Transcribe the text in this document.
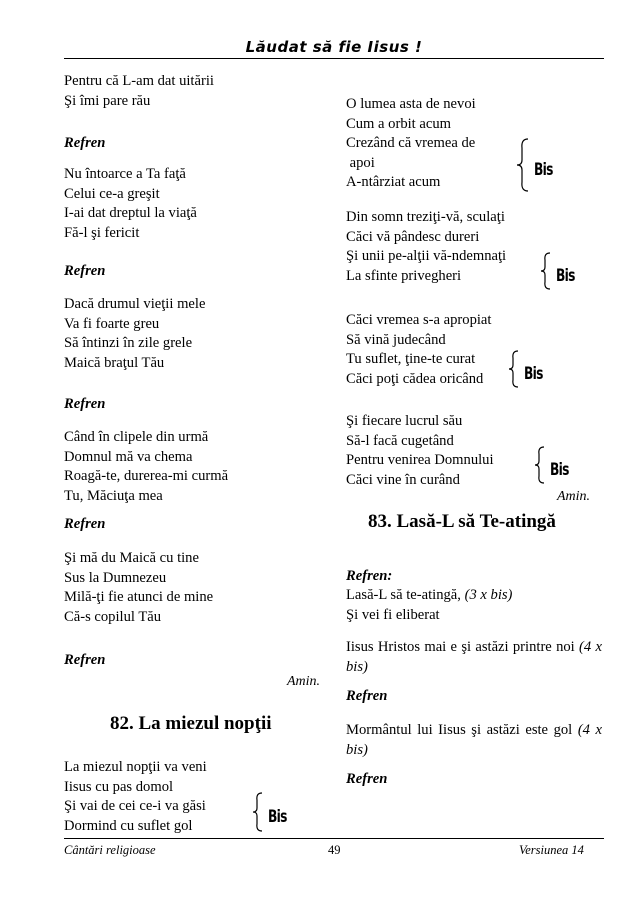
Lăudat să fie Iisus !
Pentru că L-am dat uitării
Şi îmi pare rău
Refren
Nu întoarce a Ta faţă
Celui ce-a greşit
I-ai dat dreptul la viaţă
Fă-l şi fericit
Refren
Dacă drumul vieţii mele
Va fi foarte greu
Să întinzi în zile grele
Maică braţul Tău
Refren
Când în clipele din urmă
Domnul mă va chema
Roagă-te, durerea-mi curmă
Tu, Măciuţa mea
Refren
Şi mă du Maică cu tine
Sus la Dumnezeu
Milă-ţi fie atunci de mine
Că-s copilul Tău
Refren
Amin.
82. La miezul nopţii
La miezul nopţii va veni
Iisus cu pas domol
Şi vai de cei ce-i va găsi
Dormind cu suflet gol	Bis
O lumea asta de nevoi
Cum a orbit acum
Crezând că vremea de
apoi
A-ntârziat acum
Bis
Din somn treziţi-vă, sculaţi
Căci vă pândesc dureri
Şi unii pe-alţii vă-ndemnaţi
La sfinte privegheri	Bis
Căci vremea s-a apropiat
Să vină judecând
Tu suflet, ţine-te curat
Căci poţi cădea oricând	Bis
Şi fiecare lucrul său
Să-l facă cugetând
Pentru venirea Domnului
Căci vine în curând	Bis
Amin.
83. Lasă-L să Te-atingă
Refren:
Lasă-L să te-atingă, (3 x bis)
Şi vei fi eliberat
Iisus Hristos mai e şi astăzi printre noi (4 x bis)
Refren
Mormântul lui Iisus şi astăzi este gol (4 x bis)
Refren
Cântări religioase	49	Versiunea 14
